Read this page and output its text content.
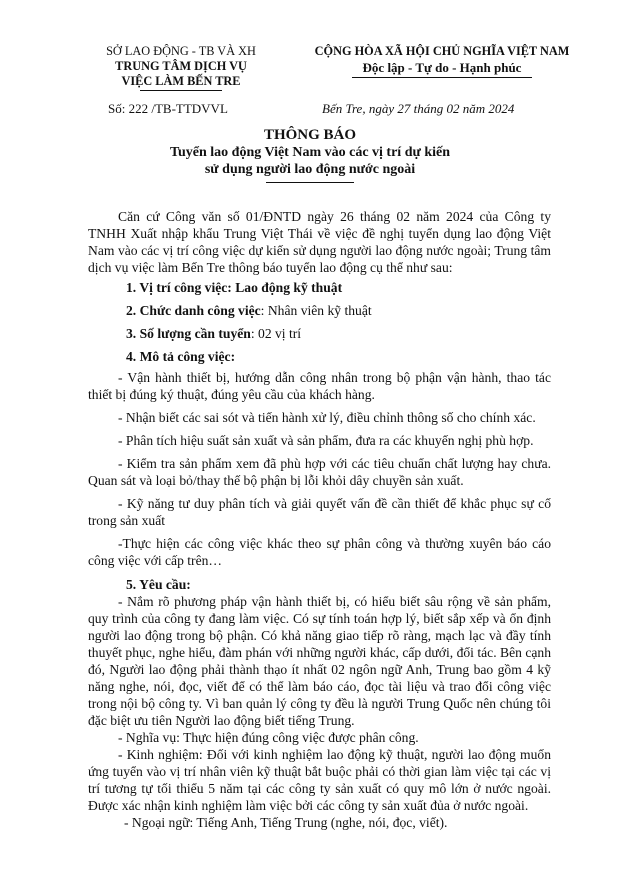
SỞ LAO ĐỘNG - TB VÀ XH
TRUNG TÂM DỊCH VỤ
VIỆC LÀM BẾN TRE
Số: 222 /TB-TTDVVL
CỘNG HÒA XÃ HỘI CHỦ NGHĨA VIỆT NAM
Độc lập - Tự do - Hạnh phúc
Bến Tre, ngày 27 tháng 02 năm 2024
THÔNG BÁO
Tuyển lao động Việt Nam vào các vị trí dự kiến
sử dụng người lao động nước ngoài

Căn cứ Công văn số 01/ĐNTD ngày 26 tháng 02 năm 2024 của Công ty TNHH Xuất nhập khẩu Trung Việt Thái về việc đề nghị tuyển dụng lao động Việt Nam vào các vị trí công việc dự kiến sử dụng người lao động nước ngoài; Trung tâm dịch vụ việc làm Bến Tre thông báo tuyển lao động cụ thể như sau:

1. Vị trí công việc: Lao động kỹ thuật
2. Chức danh công việc: Nhân viên kỹ thuật
3. Số lượng cần tuyển: 02 vị trí
4. Mô tả công việc:

- Vận hành thiết bị, hướng dẫn công nhân trong bộ phận vận hành, thao tác thiết bị đúng ký thuật, đúng yêu cầu của khách hàng.

- Nhận biết các sai sót và tiến hành xử lý, điều chỉnh thông số cho chính xác.

- Phân tích hiệu suất sản xuất và sản phẩm, đưa ra các khuyến nghị phù hợp.

- Kiểm tra sản phẩm xem đã phù hợp với các tiêu chuẩn chất lượng hay chưa. Quan sát và loại bỏ/thay thế bộ phận bị lỗi khỏi dây chuyền sản xuất.

- Kỹ năng tư duy phân tích và giải quyết vấn đề cần thiết để khắc phục sự cố trong sản xuất

-Thực hiện các công việc khác theo sự phân công và thường xuyên báo cáo công việc với cấp trên…

5. Yêu cầu:

- Nắm rõ phương pháp vận hành thiết bị, có hiểu biết sâu rộng về sản phẩm, quy trình của công ty đang làm việc. Có sự tính toán hợp lý, biết sắp xếp và ổn định người lao động trong bộ phận. Có khả năng giao tiếp rõ ràng, mạch lạc và đầy tính thuyết phục, nghe hiểu, đàm phán với những người khác, cấp dưới, đối tác. Bên cạnh đó, Người lao động phải thành thạo ít nhất 02 ngôn ngữ Anh, Trung bao gồm 4 kỹ năng nghe, nói, đọc, viết để có thể làm báo cáo, đọc tài liệu và trao đổi công việc trong nội bộ công ty. Vì ban quản lý công ty đều là người Trung Quốc nên chúng tôi đặc biệt ưu tiên Người lao động biết tiếng Trung.

- Nghĩa vụ: Thực hiện đúng công việc được phân công.

- Kinh nghiệm: Đối với kinh nghiệm lao động kỹ thuật, người lao động muốn ứng tuyển vào vị trí nhân viên kỹ thuật bắt buộc phải có thời gian làm việc tại các vị trí tương tự tối thiểu 5 năm tại các công ty sản xuất có quy mô lớn ở nước ngoài. Được xác nhận kinh nghiệm làm việc bởi các công ty sản xuất đủa ở nước ngoài.

- Ngoại ngữ: Tiếng Anh, Tiếng Trung (nghe, nói, đọc, viết).
